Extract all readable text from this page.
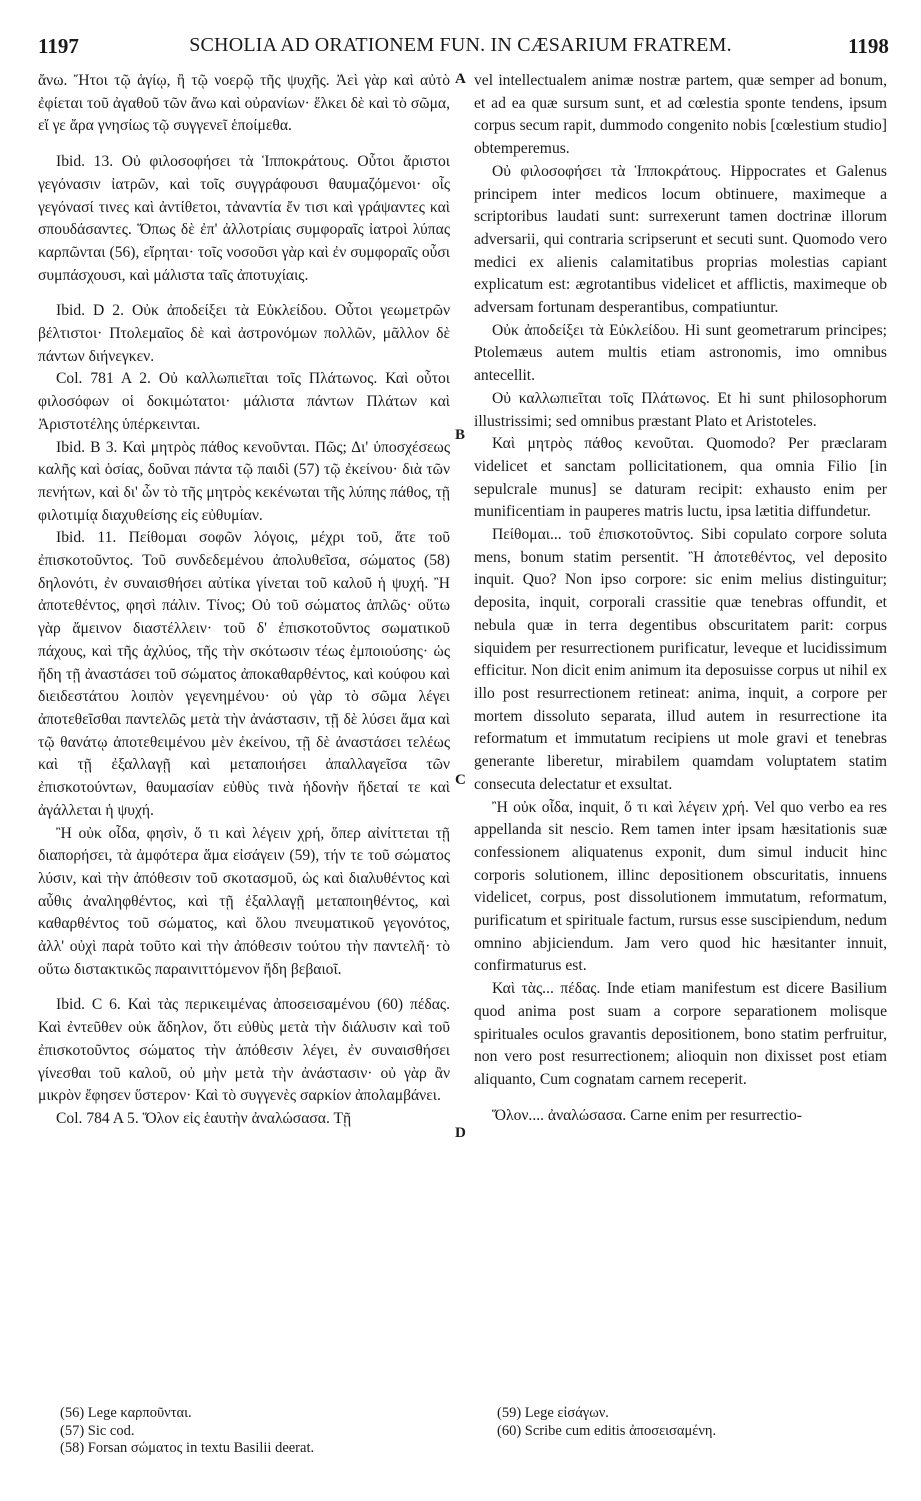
1197	SCHOLIA AD ORATIONEM FUN. IN CÆSARIUM FRATREM.	1198

ἄνω. Ἤτοι τῷ ἁγίῳ, ἢ τῷ νοερῷ τῆς ψυχῆς. Ἀεὶ γὰρ καὶ αὐτὸ ἐφίεται τοῦ ἀγαθοῦ τῶν ἄνω καὶ οὐρανίων· ἕλκει δὲ καὶ τὸ σῶμα, εἴ γε ἄρα γνησίως τῷ συγγενεῖ ἑποίμεθα.

Ibid. 13. Οὐ φιλοσοφήσει τὰ Ἱπποκράτους. Οὗτοι ἄριστοι γεγόνασιν ἰατρῶν, καὶ τοῖς συγγράφουσι θαυμαζόμενοι· οἷς γεγόνασί τινες καὶ ἀντίθετοι, τἀναντία ἔν τισι καὶ γράψαντες καὶ σπουδάσαντες. Ὅπως δὲ ἐπ' ἀλλοτρίαις συμφοραῖς ἰατροὶ λύπας καρπῶνται (56), εἴρηται· τοῖς νοσοῦσι γὰρ καὶ ἐν συμφοραῖς οὖσι συμπάσχουσι, καὶ μάλιστα ταῖς ἀποτυχίαις.

Ibid. D 2. Οὐκ ἀποδείξει τὰ Εὐκλείδου. Οὗτοι γεωμετρῶν βέλτιστοι· Πτολεμαῖος δὲ καὶ ἀστρονόμων πολλῶν, μᾶλλον δὲ πάντων διήνεγκεν.

Col. 781 A 2. Οὐ καλλωπιεῖται τοῖς Πλάτωνος. Καὶ οὗτοι φιλοσόφων οἱ δοκιμώτατοι· μάλιστα πάντων Πλάτων καὶ Ἀριστοτέλης ὑπέρκεινται.

Ibid. B 3. Καὶ μητρὸς πάθος κενοῦνται. Πῶς; Δι' ὑποσχέσεως καλῆς καὶ ὁσίας, δοῦναι πάντα τῷ παιδὶ (57) τῷ ἐκείνου· διὰ τῶν πενήτων, καὶ δι' ὧν τὸ τῆς μητρὸς κεκένωται τῆς λύπης πάθος, τῇ φιλοτιμίᾳ διαχυθείσης εἰς εὐθυμίαν.

Ibid. 11. Πείθομαι σοφῶν λόγοις, μέχρι τοῦ, ἅτε τοῦ ἐπισκοτοῦντος. Τοῦ συνδεδεμένου ἀπολυθεῖσα, σώματος (58) δηλονότι, ἐν συναισθήσει αὐτίκα γίνεται τοῦ καλοῦ ἡ ψυχή. Ἢ ἀποτεθέντος, φησὶ πάλιν. Τίνος; Οὐ τοῦ σώματος ἁπλῶς· οὕτω γὰρ ἄμεινον διαστέλλειν· τοῦ δ' ἐπισκοτοῦντος σωματικοῦ πάχους, καὶ τῆς ἀχλύος, τῆς τὴν σκότωσιν τέως ἐμποιούσης· ὡς ἤδη τῇ ἀναστάσει τοῦ σώματος ἀποκαθαρθέντος, καὶ κούφου καὶ διειδεστάτου λοιπὸν γεγενημένου· οὐ γὰρ τὸ σῶμα λέγει ἀποτεθεῖσθαι παντελῶς μετὰ τὴν ἀνάστασιν, τῇ δὲ λύσει ἅμα καὶ τῷ θανάτῳ ἀποτεθειμένου μὲν ἐκείνου, τῇ δὲ ἀναστάσει τελέως καὶ τῇ ἐξαλλαγῇ καὶ μεταποιήσει ἀπαλλαγεῖσα τῶν ἐπισκοτούντων, θαυμασίαν εὐθὺς τινὰ ἡδονὴν ἥδεταί τε καὶ ἀγάλλεται ἡ ψυχή.

Ἢ οὐκ οἶδα, φησὶν, ὅ τι καὶ λέγειν χρή, ὅπερ αἰνίττεται τῇ διαπορήσει, τὰ ἀμφότερα ἅμα εἰσάγειν (59), τήν τε τοῦ σώματος λύσιν, καὶ τὴν ἀπόθεσιν τοῦ σκοτασμοῦ, ὡς καὶ διαλυθέντος καὶ αὖθις ἀναληφθέντος, καὶ τῇ ἐξαλλαγῇ μεταποιηθέντος, καὶ καθαρθέντος τοῦ σώματος, καὶ ὅλου πνευματικοῦ γεγονότος, ἀλλ' οὐχὶ παρὰ τοῦτο καὶ τὴν ἀπόθεσιν τούτου τὴν παντελῆ· τὸ οὕτω διστακτικῶς παραινιττόμενον ἤδη βεβαιοῖ.

Ibid. C 6. Καὶ τὰς περικειμένας ἀποσεισαμένου (60) πέδας. Καὶ ἐντεῦθεν οὐκ ἄδηλον, ὅτι εὐθὺς μετὰ τὴν διάλυσιν καὶ τοῦ ἐπισκοτοῦντος σώματος τὴν ἀπόθεσιν λέγει, ἐν συναισθήσει γίνεσθαι τοῦ καλοῦ, οὐ μὴν μετὰ τὴν ἀνάστασιν· οὐ γὰρ ἂν μικρὸν ἔφησεν ὕστερον· Καὶ τὸ συγγενὲς σαρκίον ἀπολαμβάνει.

Col. 784 A 5. Ὅλον εἰς ἑαυτὴν ἀναλώσασα. Τῇ

vel intellectualem animæ nostræ partem, quæ semper ad bonum, et ad ea quæ sursum sunt, et ad cœlestia sponte tendens, ipsum corpus secum rapit, dummodo congenito nobis [cœlestium studio] obtemperemus.

Οὐ φιλοσοφήσει τὰ Ἱπποκράτους. Hippocrates et Galenus principem inter medicos locum obtinuere, maximeque a scriptoribus laudati sunt: surrexerunt tamen doctrinæ illorum adversarii, qui contraria scripserunt et secuti sunt. Quomodo vero medici ex alienis calamitatibus proprias molestias capiant explicatum est: ægrotantibus videlicet et afflictis, maximeque ob adversam fortunam desperantibus, compatiuntur.

Οὐκ ἀποδείξει τὰ Εὐκλείδου. Hi sunt geometrarum principes; Ptolemæus autem multis etiam astronomis, imo omnibus antecellit.

Οὐ καλλωπιεῖται τοῖς Πλάτωνος. Et hi sunt philosophorum illustrissimi; sed omnibus præstant Plato et Aristoteles.

Καὶ μητρὸς πάθος κενοῦται. Quomodo? Per præclaram videlicet et sanctam pollicitationem, qua omnia Filio [in sepulcrale munus] se daturam recipit: exhausto enim per munificentiam in pauperes matris luctu, ipsa lætitia diffundetur.

Πείθομαι... τοῦ ἐπισκοτοῦντος. Sibi copulato corpore soluta mens, bonum statim persentit. Ἢ ἀποτεθέντος, vel deposito inquit. Quo? Non ipso corpore: sic enim melius distinguitur; deposita, inquit, corporali crassitie quæ tenebras offundit, et nebula quæ in terra degentibus obscuritatem parit: corpus siquidem per resurrectionem purificatur, leveque et lucidissimum efficitur. Non dicit enim animum ita deposuisse corpus ut nihil ex illo post resurrectionem retineat: anima, inquit, a corpore per mortem dissoluto separata, illud autem in resurrectione ita reformatum et immutatum recipiens ut mole gravi et tenebras generante liberetur, mirabilem quamdam voluptatem statim consecuta delectatur et exsultat.

Ἢ οὐκ οἶδα, inquit, ὅ τι καὶ λέγειν χρή. Vel quo verbo ea res appellanda sit nescio. Rem tamen inter ipsam hæsitationis suæ confessionem aliquatenus exponit, dum simul inducit hinc corporis solutionem, illinc depositionem obscuritatis, innuens videlicet, corpus, post dissolutionem immutatum, reformatum, purificatum et spirituale factum, rursus esse suscipiendum, nedum omnino abjiciendum. Jam vero quod hic hæsitanter innuit, confirmaturus est.

Καὶ τὰς... πέδας. Inde etiam manifestum est dicere Basilium quod anima post suam a corpore separationem molisque spirituales oculos gravantis depositionem, bono statim perfruitur, non vero post resurrectionem; alioquin non dixisset post etiam aliquanto, Cum cognatam carnem receperit.

Ὅλον.... ἀναλώσασα. Carne enim per resurrectio-

A
B
C
D

(56) Lege καρποῦνται.

(57) Sic cod.

(58) Forsan σώματος in textu Basilii deerat.

(59) Lege εἰσάγων.

(60) Scribe cum editis ἀποσεισαμένη.
